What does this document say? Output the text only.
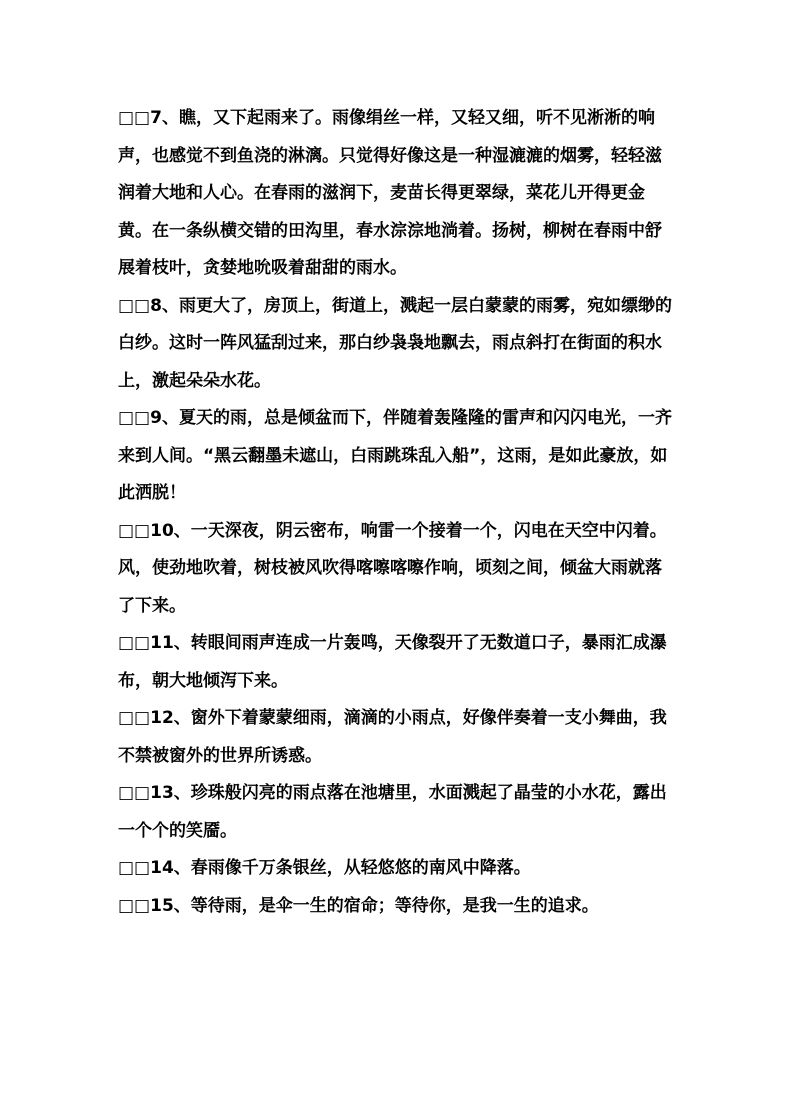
□□7、瞧，又下起雨来了。雨像绢丝一样，又轻又细，听不见淅淅的响声，也感觉不到鱼浇的淋漓。只觉得好像这是一种湿漉漉的烟雾，轻轻滋润着大地和人心。在春雨的滋润下，麦苗长得更翠绿，菜花儿开得更金黄。在一条纵横交错的田沟里，春水淙淙地淌着。扬树，柳树在春雨中舒展着枝叶，贪婪地吮吸着甜甜的雨水。

□□8、雨更大了，房顶上，街道上，溅起一层白蒙蒙的雨雾，宛如缥缈的白纱。这时一阵风猛刮过来，那白纱袅袅地飘去，雨点斜打在街面的积水上，激起朵朵水花。

□□9、夏天的雨，总是倾盆而下，伴随着轰隆隆的雷声和闪闪电光，一齐来到人间。“黑云翻墨未遮山，白雨跳珠乱入船”，这雨，是如此豪放，如此洒脱！

□□10、一天深夜，阴云密布，响雷一个接着一个，闪电在天空中闪着。风，使劲地吹着，树枝被风吹得喀嚓喀嚓作响，顷刻之间，倾盆大雨就落了下来。

□□11、转眼间雨声连成一片轰鸣，天像裂开了无数道口子，暴雨汇成瀑布，朝大地倾泻下来。

□□12、窗外下着蒙蒙细雨，滴滴的小雨点，好像伴奏着一支小舞曲，我不禁被窗外的世界所诱惑。

□□13、珍珠般闪亮的雨点落在池塘里，水面溅起了晶莹的小水花，露出一个个的笑靥。

□□14、春雨像千万条银丝，从轻悠悠的南风中降落。

□□15、等待雨，是伞一生的宿命；等待你，是我一生的追求。
